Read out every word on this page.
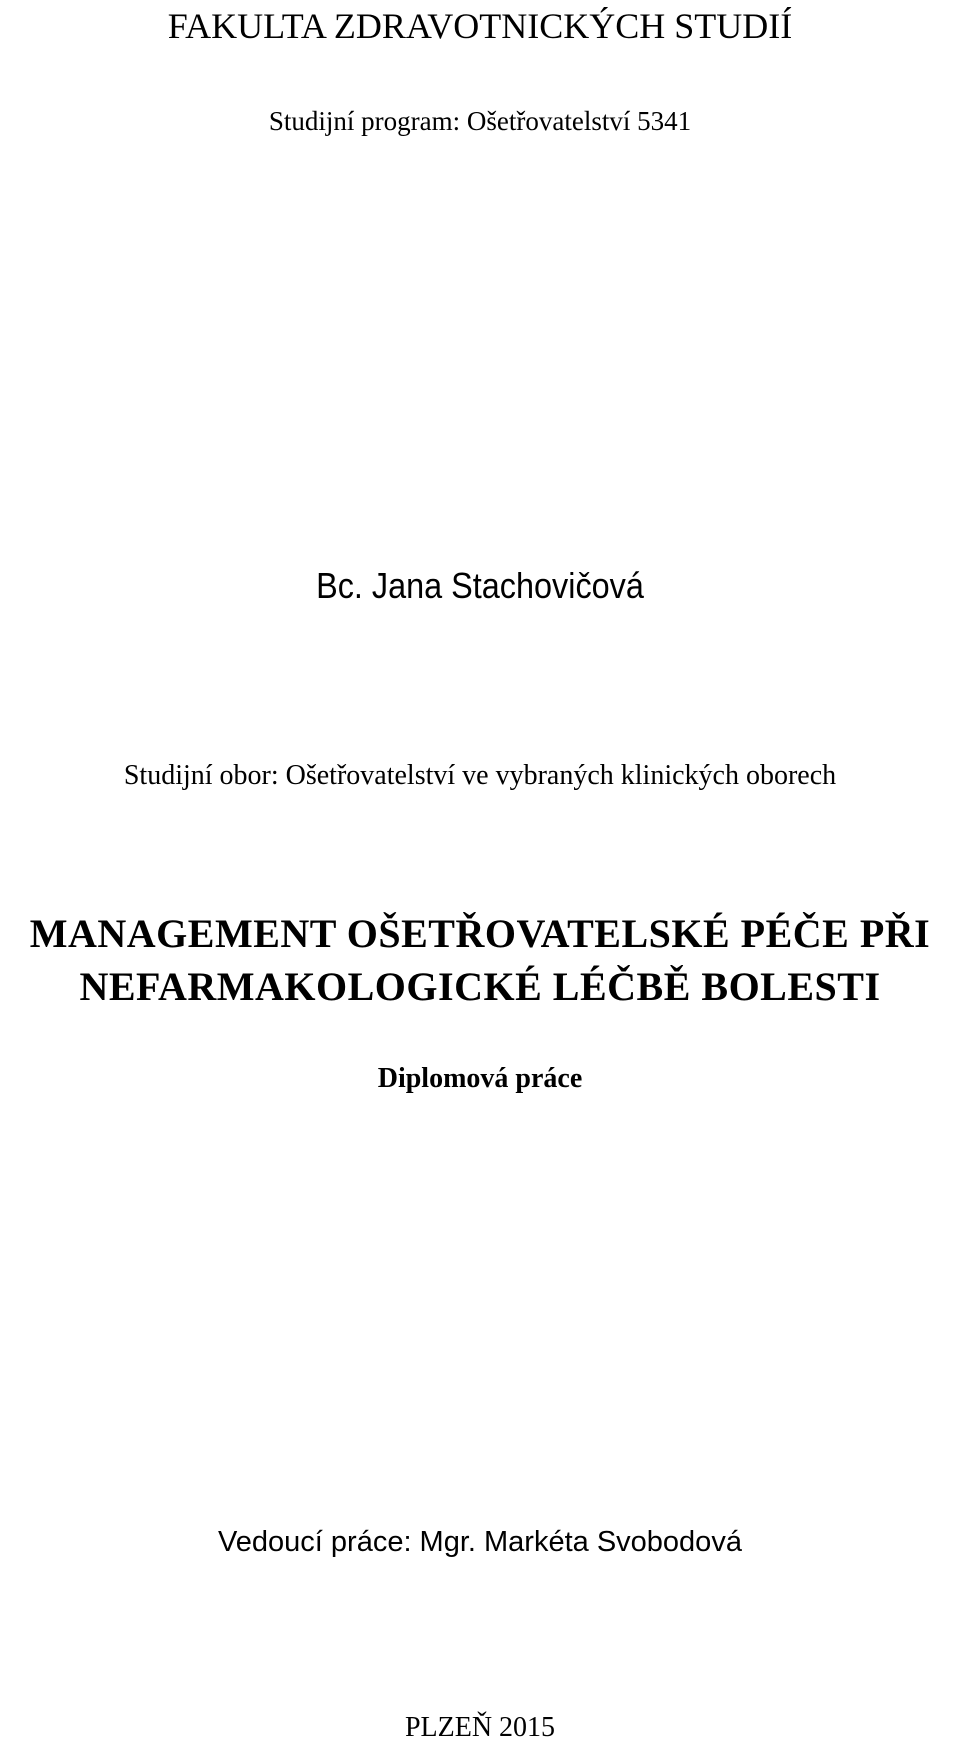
FAKULTA ZDRAVOTNICKÝCH STUDIÍ
Studijní program: Ošetřovatelství 5341
Bc. Jana Stachovičová
Studijní obor: Ošetřovatelství ve vybraných klinických oborech
MANAGEMENT OŠETŘOVATELSKÉ PÉČE PŘI
NEFARMAKOLOGICKÉ LÉČBĚ BOLESTI
Diplomová práce
Vedoucí práce: Mgr. Markéta Svobodová
PLZEŇ 2015
